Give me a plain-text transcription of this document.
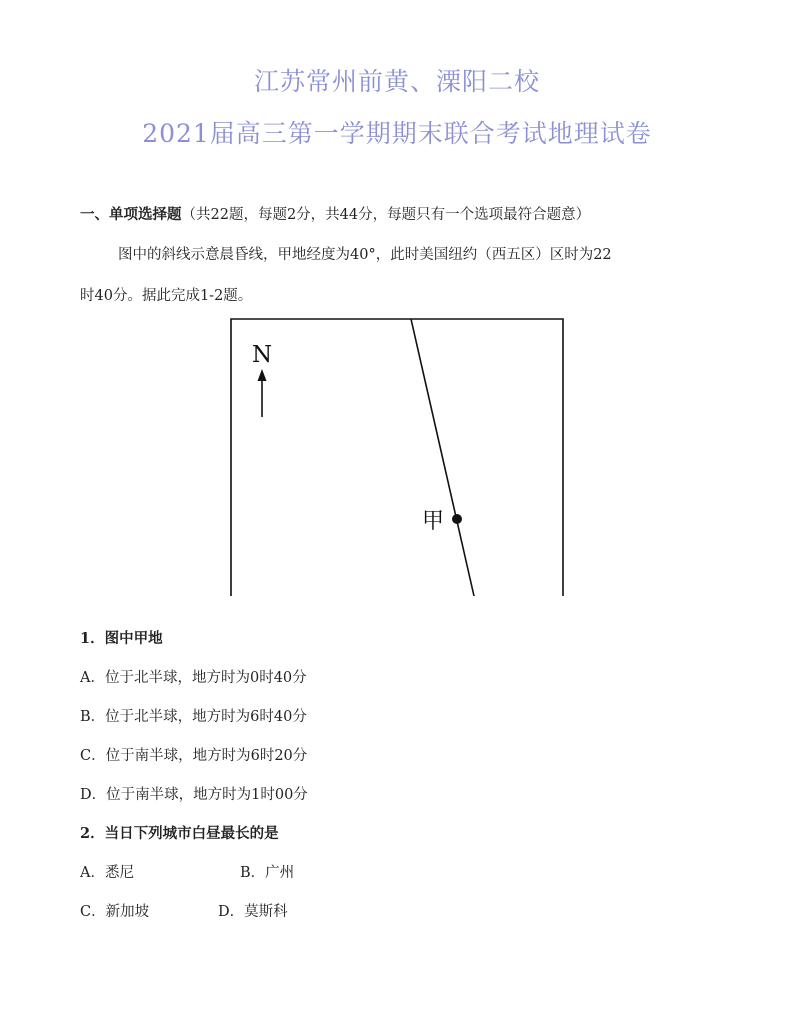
江苏常州前黄、溧阳二校
2021届高三第一学期期末联合考试地理试卷
一、单项选择题（共22题，每题2分，共44分，每题只有一个选项最符合题意）
图中的斜线示意晨昏线，甲地经度为40°，此时美国纽约（西五区）区时为22
时40分。据此完成1-2题。
N
甲
1．图中甲地
A．位于北半球，地方时为0时40分
B．位于北半球，地方时为6时40分
C．位于南半球，地方时为6时20分
D．位于南半球，地方时为1时00分
2．当日下列城市白昼最长的是
A．悉尼	B．广州
C．新加坡	D．莫斯科
